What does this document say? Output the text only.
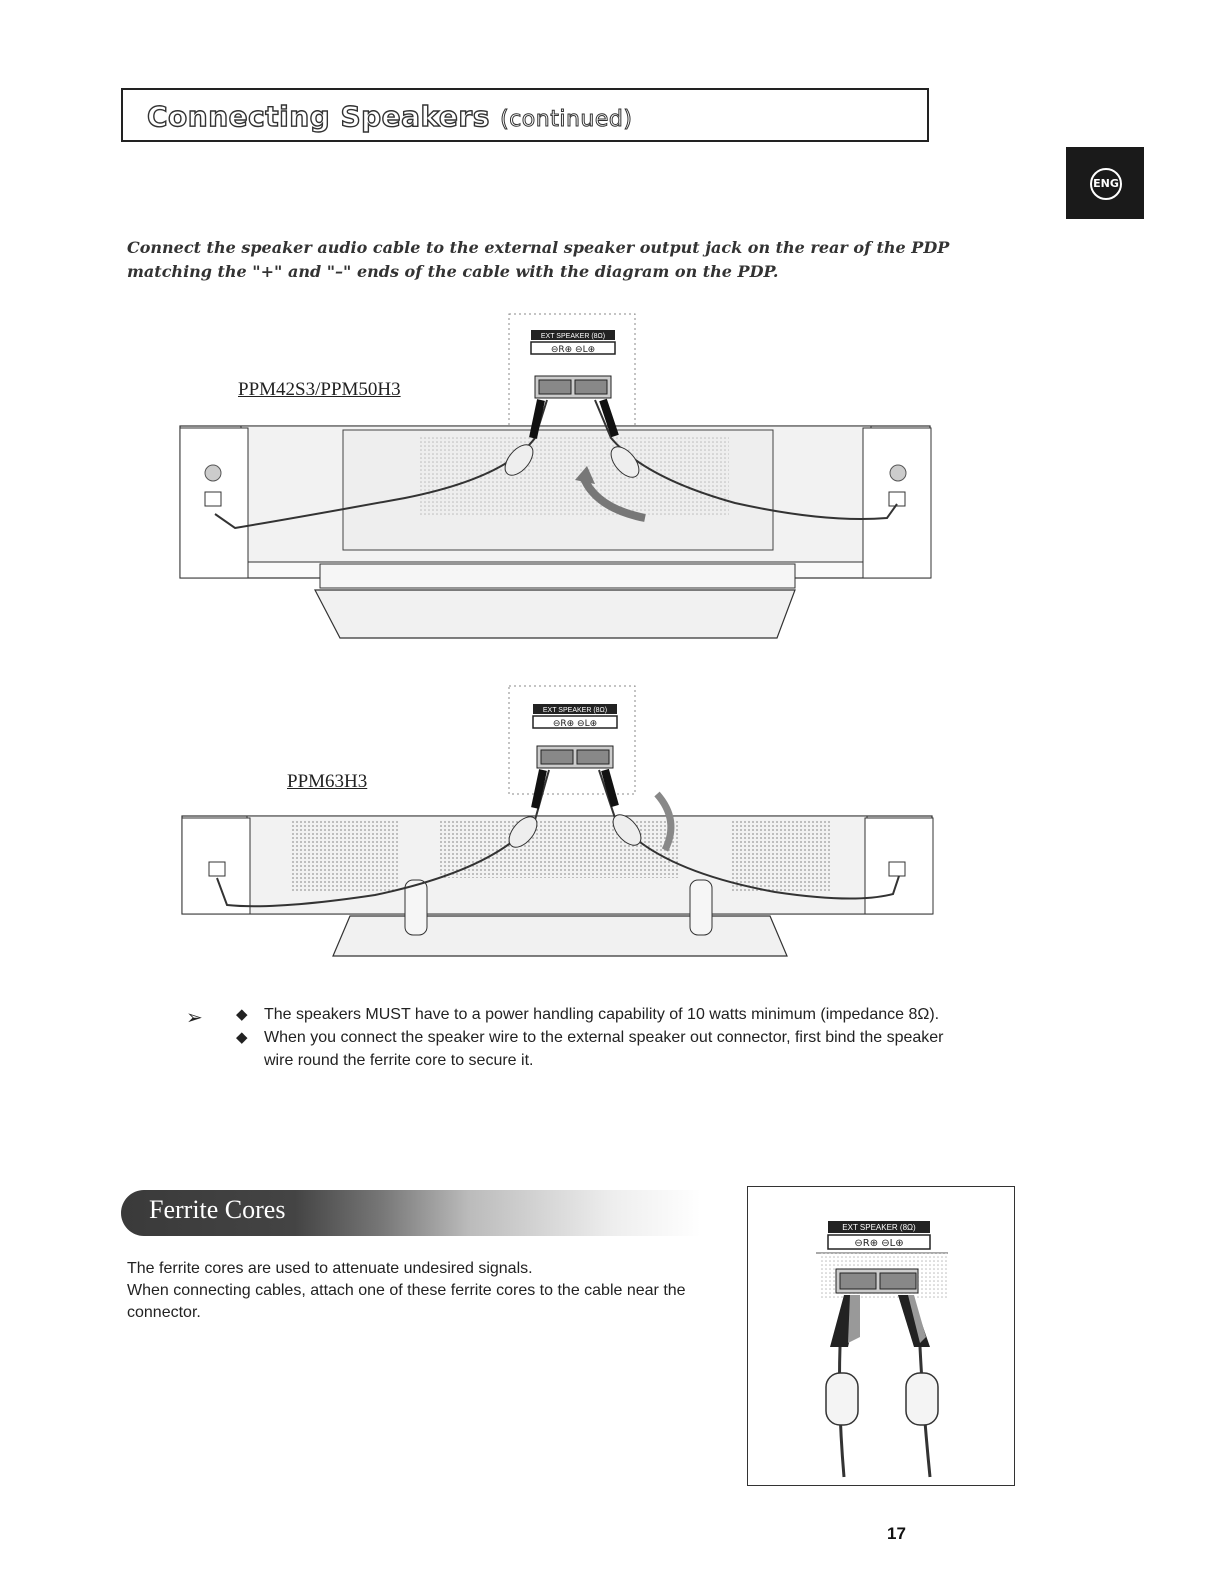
Connecting Speakers (continued)
ENG
Connect the speaker audio cable to the external speaker output jack on the rear of the PDP matching the "+" and "–" ends of the cable with the diagram on the PDP.
PPM42S3/PPM50H3
EXT SPEAKER (8Ω)
⊖R⊕ ⊖L⊕
PPM63H3
EXT SPEAKER (8Ω)
⊖R⊕ ⊖L⊕
➢ ◆ The speakers MUST have to a power handling capability of 10 watts minimum (impedance 8Ω).
◆ When you connect the speaker wire to the external speaker out connector, first bind the speaker wire round the ferrite core to secure it.
Ferrite Cores

The ferrite cores are used to attenuate undesired signals.

When connecting cables, attach one of these ferrite cores to the cable near the connector.

EXT SPEAKER (8Ω)
⊖R⊕ ⊖L⊕
17
